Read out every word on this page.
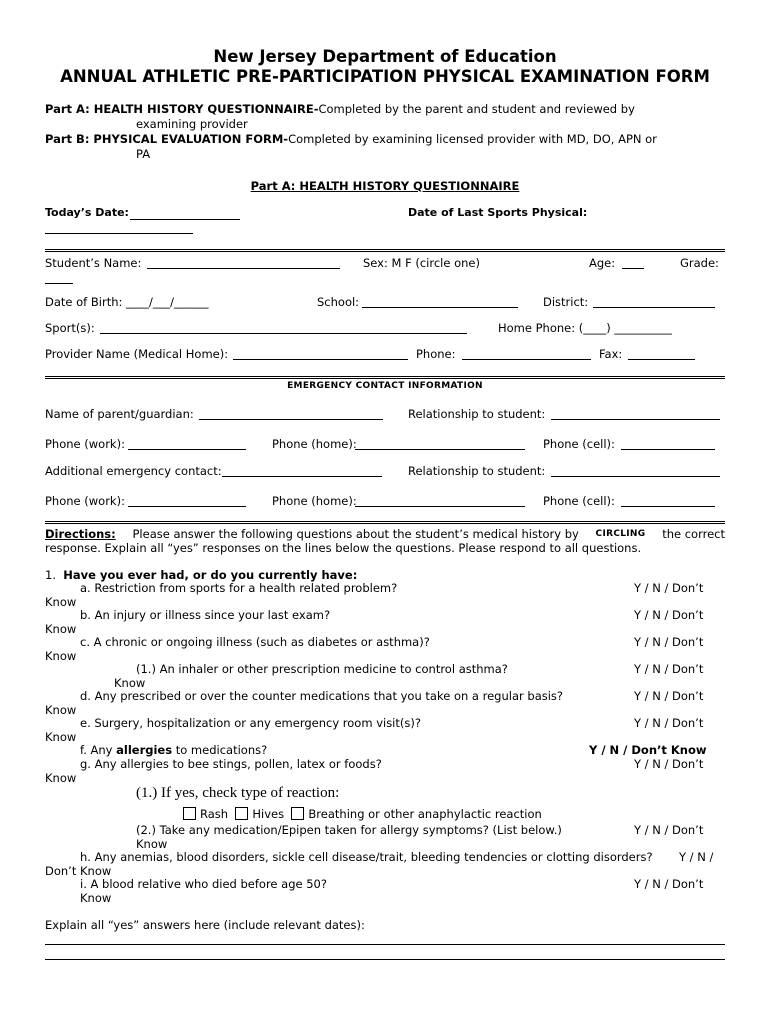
New Jersey Department of Education
ANNUAL ATHLETIC PRE-PARTICIPATION PHYSICAL EXAMINATION FORM
Part A: HEALTH HISTORY QUESTIONNAIRE-Completed by the parent and student and reviewed by
examining provider
Part B: PHYSICAL EVALUATION FORM-Completed by examining licensed provider with MD, DO, APN or
PA
Part A: HEALTH HISTORY QUESTIONNAIRE
Today’s Date:	Date of Last Sports Physical:
Student’s Name:	Sex: M F (circle one)	Age:	Grade:
Date of Birth: ____/___/______	School:	District:
Sport(s):	Home Phone: (____) __________
Provider Name (Medical Home):	Phone:	Fax:
EMERGENCY CONTACT INFORMATION
Name of parent/guardian:	Relationship to student:
Phone (work):	Phone (home):	Phone (cell):
Additional emergency contact:	Relationship to student:
Phone (work):	Phone (home):	Phone (cell):
Directions: Please answer the following questions about the student’s medical history by CIRCLING the correct
response. Explain all “yes” responses on the lines below the questions. Please respond to all questions.
1. Have you ever had, or do you currently have:
a. Restriction from sports for a health related problem?	Y / N / Don’t
Know
b. An injury or illness since your last exam?	Y / N / Don’t
Know
c. A chronic or ongoing illness (such as diabetes or asthma)?	Y / N / Don’t
Know
(1.) An inhaler or other prescription medicine to control asthma?	Y / N / Don’t
Know
d. Any prescribed or over the counter medications that you take on a regular basis?	Y / N / Don’t
Know
e. Surgery, hospitalization or any emergency room visit(s)?	Y / N / Don’t
Know
f. Any allergies to medications?	Y / N / Don’t Know
g. Any allergies to bee stings, pollen, latex or foods?	Y / N / Don’t
Know
(1.) If yes, check type of reaction:
Rash Hives Breathing or other anaphylactic reaction
(2.) Take any medication/Epipen taken for allergy symptoms? (List below.)	Y / N / Don’t
Know
h. Any anemias, blood disorders, sickle cell disease/trait, bleeding tendencies or clotting disorders? Y / N /
Don’t Know
i. A blood relative who died before age 50?	Y / N / Don’t
Know
Explain all “yes” answers here (include relevant dates):
